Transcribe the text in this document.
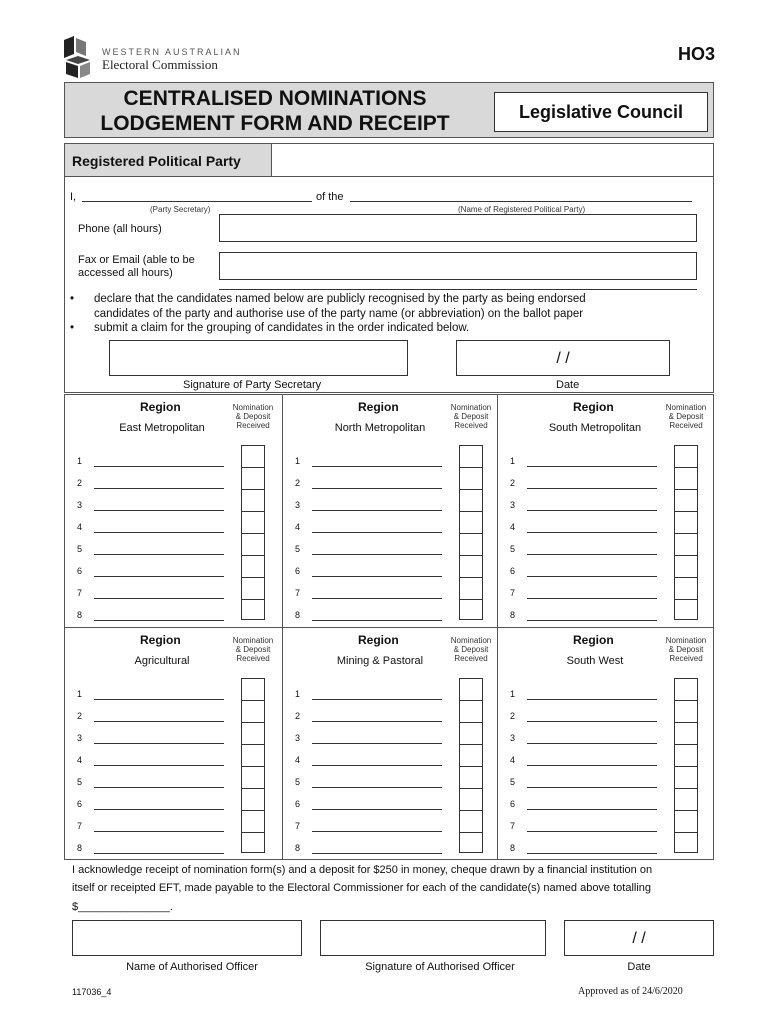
WESTERN AUSTRALIAN
Electoral Commission
HO3
CENTRALISED NOMINATIONS
LODGEMENT FORM AND RECEIPT	Legislative Council
Registered Political Party
I,	of the
(Party Secretary)	(Name of Registered Political Party)
Phone (all hours)
Fax or Email (able to be
accessed all hours)
• declare that the candidates named below are publicly recognised by the party as being endorsed
candidates of the party and authorise use of the party name (or abbreviation) on the ballot paper
• submit a claim for the grouping of candidates in the order indicated below.
/ /
Signature of Party Secretary	Date
Region
East Metropolitan
Nomination
& Deposit
Received
1
2
3
4
5
6
7
8
Region
North Metropolitan
Nomination
& Deposit
Received
1
2
3
4
5
6
7
8
Region
South Metropolitan
Nomination
& Deposit
Received
1
2
3
4
5
6
7
8
Region
Agricultural
Nomination
& Deposit
Received
1
2
3
4
5
6
7
8
Region
Mining & Pastoral
Nomination
& Deposit
Received
1
2
3
4
5
6
7
8
Region
South West
Nomination
& Deposit
Received
1
2
3
4
5
6
7
8
I acknowledge receipt of nomination form(s) and a deposit for $250 in money, cheque drawn by a financial institution on
itself or receipted EFT, made payable to the Electoral Commissioner for each of the candidate(s) named above totalling
$_______________.
/ /
Name of Authorised Officer	Signature of Authorised Officer	Date
117036_4	Approved as of 24/6/2020
